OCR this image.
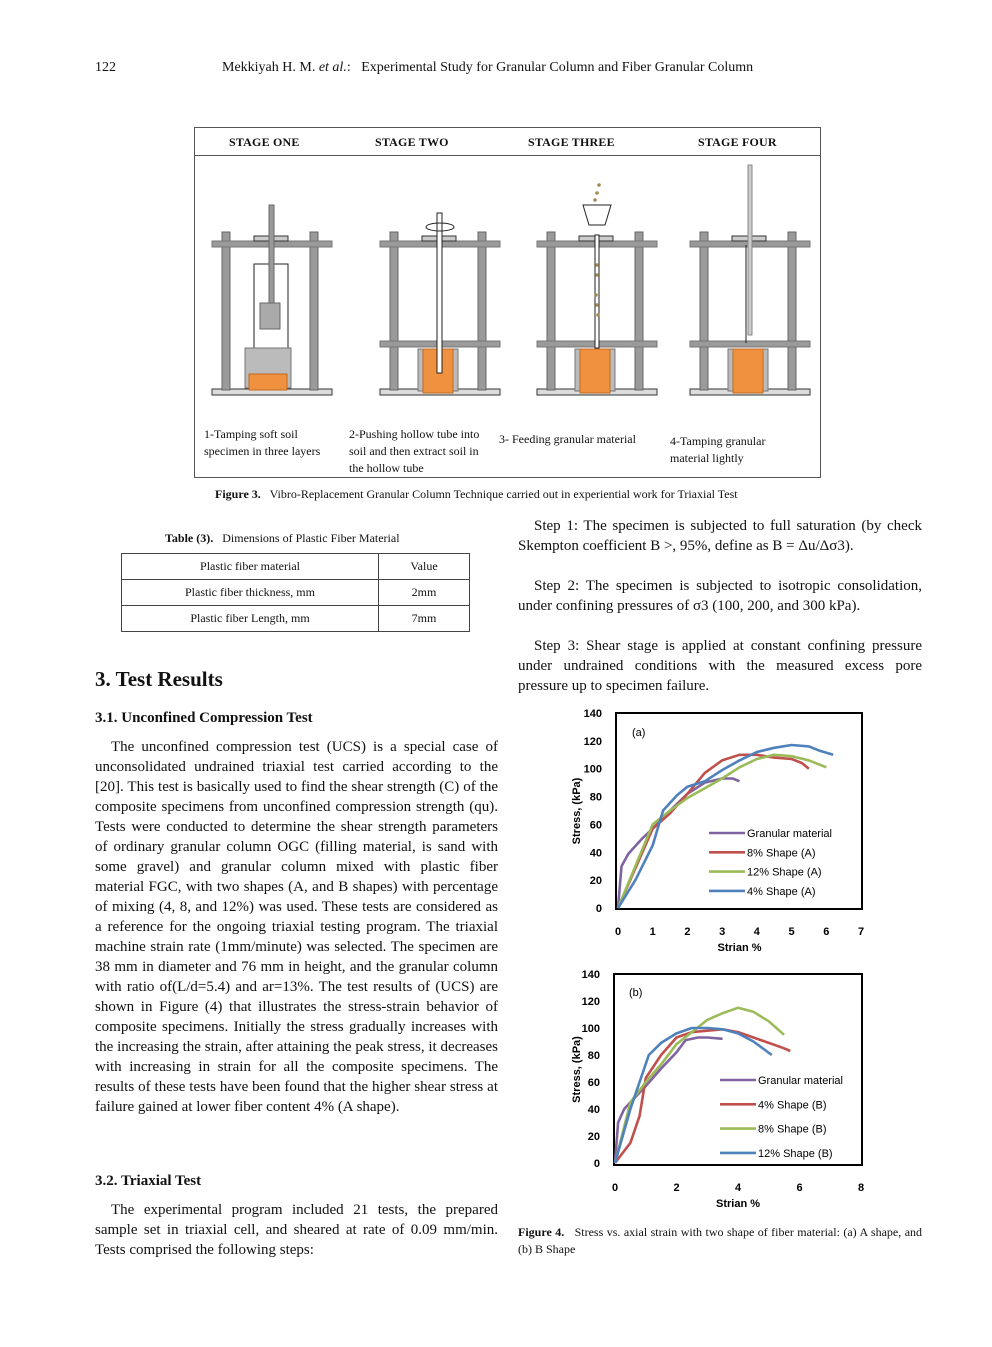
122	Mekkiyah H. M. et al.: Experimental Study for Granular Column and Fiber Granular Column
STAGE ONE	STAGE TWO	STAGE THREE	STAGE FOUR
1-Tamping soft soil specimen in three layers
2-Pushing hollow tube into soil and then extract soil in the hollow tube
3- Feeding granular material	4-Tamping granular material lightly
Figure 3. Vibro-Replacement Granular Column Technique carried out in experiential work for Triaxial Test
Table (3). Dimensions of Plastic Fiber Material
Plastic fiber material	Value
Plastic fiber thickness, mm	2mm
Plastic fiber Length, mm	7mm
3. Test Results
3.1. Unconfined Compression Test
The unconfined compression test (UCS) is a special case of unconsolidated undrained triaxial test carried according to the [20]. This test is basically used to find the shear strength (C) of the composite specimens from unconfined compression strength (qu). Tests were conducted to determine the shear strength parameters of ordinary granular column OGC (filling material, is sand with some gravel) and granular column mixed with plastic fiber material FGC, with two shapes (A, and B shapes) with percentage of mixing (4, 8, and 12%) was used. These tests are considered as a reference for the ongoing triaxial testing program. The triaxial machine strain rate (1mm/minute) was selected. The specimen are 38 mm in diameter and 76 mm in height, and the granular column with ratio of(L/d=5.4) and ar=13%. The test results of (UCS) are shown in Figure (4) that illustrates the stress-strain behavior of composite specimens. Initially the stress gradually increases with the increasing the strain, after attaining the peak stress, it decreases with increasing in strain for all the composite specimens. The results of these tests have been found that the higher shear stress at failure gained at lower fiber content 4% (A shape).
3.2. Triaxial Test
The experimental program included 21 tests, the prepared sample set in triaxial cell, and sheared at rate of 0.09 mm/min. Tests comprised the following steps:
Step 1: The specimen is subjected to full saturation (by check Skempton coefficient B >, 95%, define as B = Δu/Δσ3).
Step 2: The specimen is subjected to isotropic consolidation, under confining pressures of σ3 (100, 200, and 300 kPa).
Step 3: Shear stage is applied at constant confining pressure under undrained conditions with the measured excess pore pressure up to specimen failure.
0
20
40
60
80
100
120
140
0	1	2	3	4	5	6	7
Strian %
Stress, (kPa)
(a)
Granular material
8% Shape (A)
12% Shape (A)
4% Shape (A)
0
20
40
60
80
100
120
140
0	2	4	6	8
Strian %
Stress, (kPa)
(b)
Granular material
4% Shape (B)
8% Shape (B)
12% Shape (B)
Figure 4. Stress vs. axial strain with two shape of fiber material: (a) A shape, and (b) B Shape
